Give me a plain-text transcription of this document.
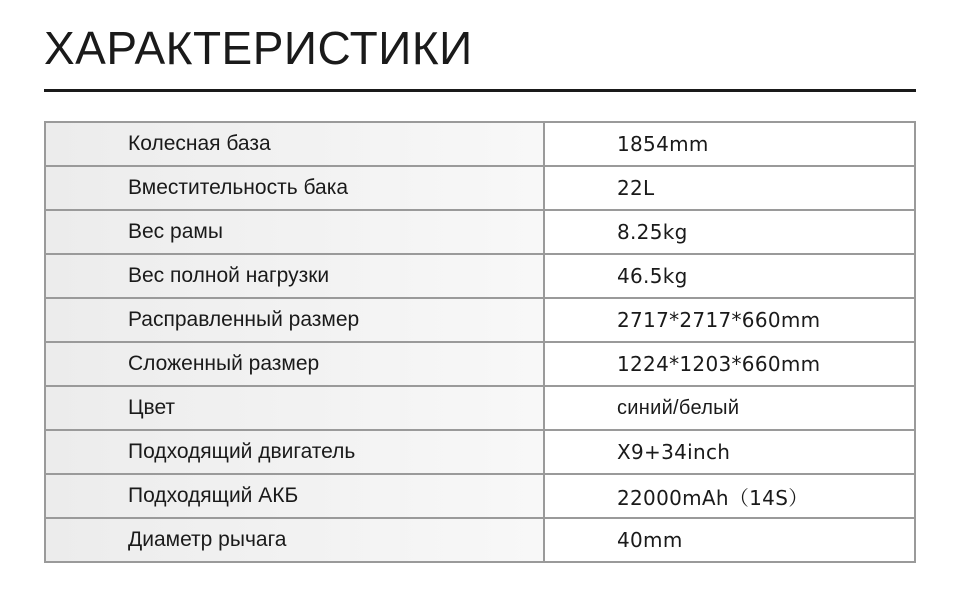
ХАРАКТЕРИСТИКИ
Колесная база	1854mm
Вместительность бака	22L
Вес рамы	8.25kg
Вес полной нагрузки	46.5kg
Расправленный размер	2717*2717*660mm
Сложенный размер	1224*1203*660mm
Цвет	синий/белый
Подходящий двигатель	X9+34inch
Подходящий АКБ	22000mAh（14S）
Диаметр рычага	40mm
